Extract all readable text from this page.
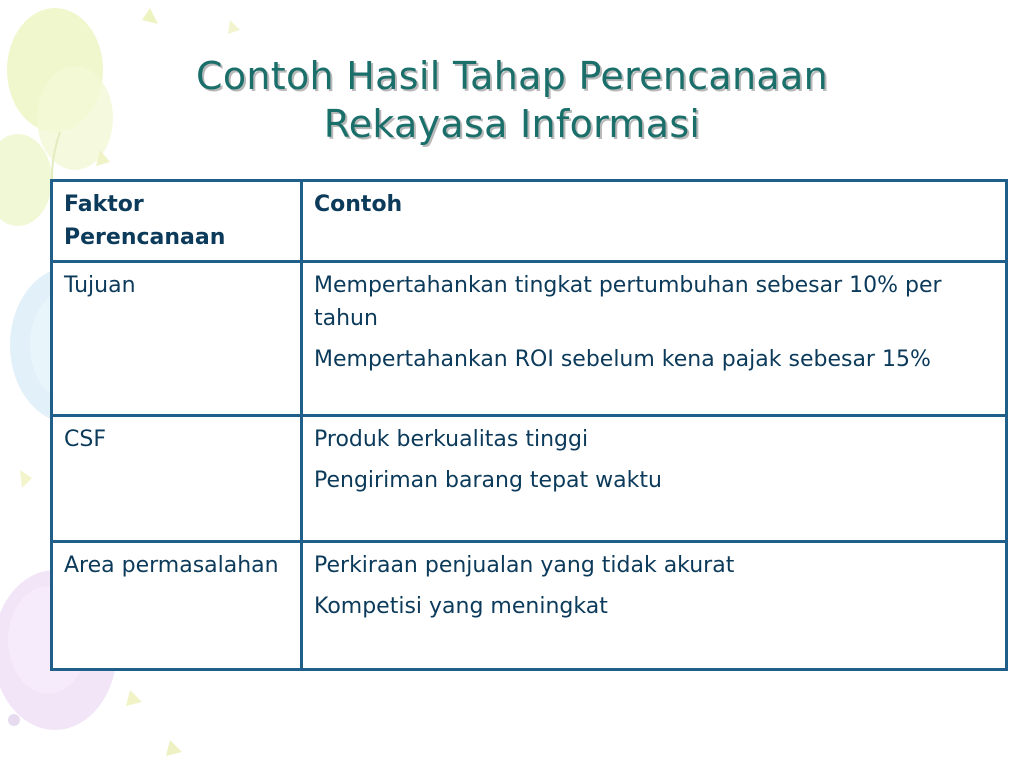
Contoh Hasil Tahap Perencanaan
Rekayasa Informasi
Faktor Perencanaan	Contoh
Tujuan	Mempertahankan tingkat pertumbuhan sebesar 10% per tahun

Mempertahankan ROI sebelum kena pajak sebesar 15%

CSF	Produk berkualitas tinggi

Pengiriman barang tepat waktu

Area permasalahan	Perkiraan penjualan yang tidak akurat

Kompetisi yang meningkat
